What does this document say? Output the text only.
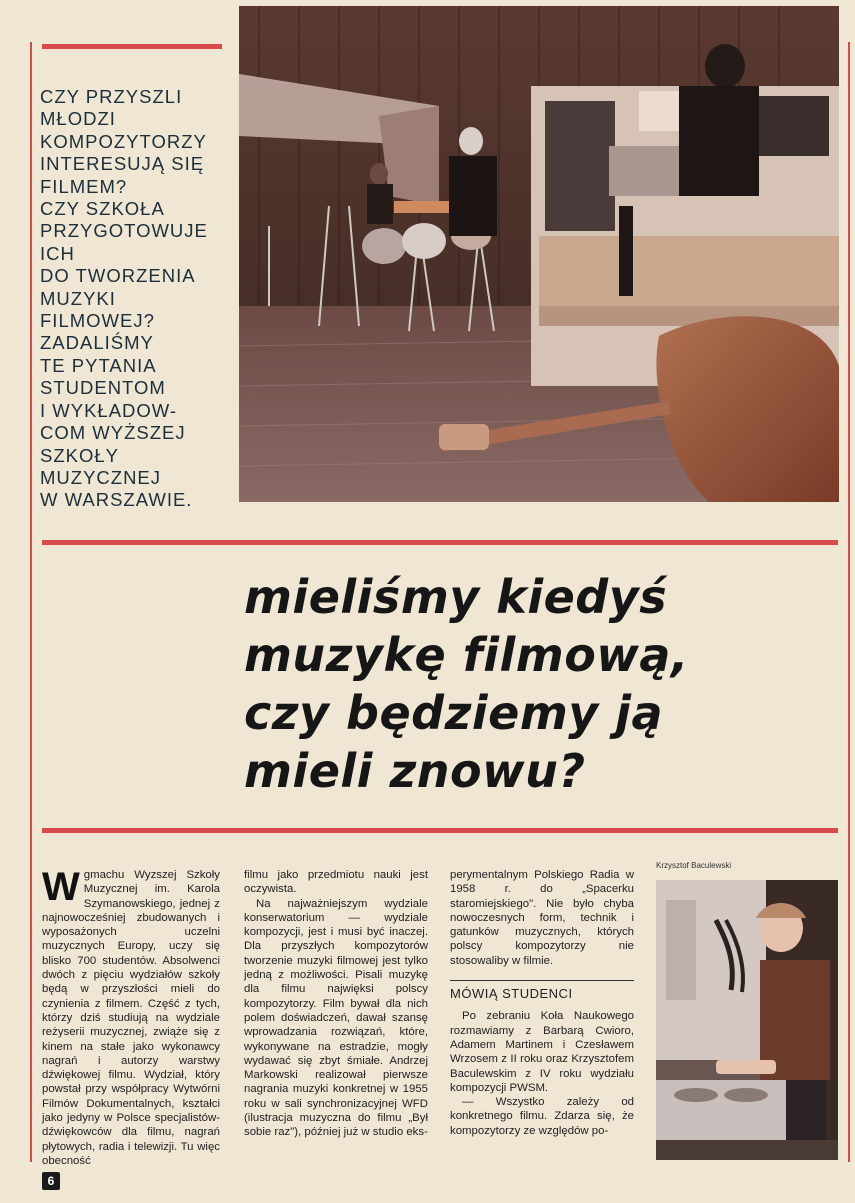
CZY PRZYSZLI
MŁODZI
KOMPOZYTORZY
INTERESUJĄ SIĘ
FILMEM?
CZY SZKOŁA
PRZYGOTOWUJE
ICH
DO TWORZENIA
MUZYKI
FILMOWEJ?
ZADALIŚMY
TE PYTANIA
STUDENTOM
I WYKŁADOW-
COM WYŻSZEJ
SZKOŁY
MUZYCZNEJ
W WARSZAWIE.
mieliśmy kiedyś
muzykę filmową,
czy będziemy ją
mieli znowu?
W gmachu Wyzszej Szkoły Muzycznej im. Karola Szymanowskiego, jednej z najnowocześniej zbudowanych i wyposażonych uczelni muzycznych Europy, uczy się blisko 700 studentów. Absolwenci dwóch z pięciu wydziałów szkoły będą w przyszłości mieli do czynienia z filmem. Część z tych, którzy dziś studiują na wydziale reżyserii muzycznej, zwiąże się z kinem na stałe jako wykonawcy nagrań i autorzy warstwy dźwiękowej filmu. Wydział, który powstał przy współpracy Wytwórni Filmów Dokumentalnych, kształci jako jedyny w Polsce specjalistów-dźwiękowców dla filmu, nagrań płytowych, radia i telewizji. Tu więc obecność

filmu jako przedmiotu nauki jest oczywista.

Na najważniejszym wydziale konserwatorium — wydziale kompozycji, jest i musi być inaczej. Dla przyszłych kompozytorów tworzenie muzyki filmowej jest tylko jedną z możliwości. Pisali muzykę dla filmu najwięksi polscy kompozytorzy. Film bywał dla nich polem doświadczeń, dawał szansę wprowadzania rozwiązań, które, wykonywane na estradzie, mogły wydawać się zbyt śmiałe. Andrzej Markowski realizował pierwsze nagrania muzyki konkretnej w 1955 roku w sali synchronizacyjnej WFD (ilustracja muzyczna do filmu „Był sobie raz"), później już w studio eks-

perymentalnym Polskiego Radia w 1958 r. do „Spacerku staromiejskiego". Nie było chyba nowoczesnych form, technik i gatunków muzycznych, których polscy kompozytorzy nie stosowaliby w filmie.

MÓWIĄ STUDENCI

Po zebraniu Koła Naukowego rozmawiamy z Barbarą Cwioro, Adamem Martinem i Czesławem Wrzosem z II roku oraz Krzysztofem Baculewskim z IV roku wydziału kompozycji PWSM.

— Wszystko zależy od konkretnego filmu. Zdarza się, że kompozytorzy ze względów po-

Krzysztof Baculewski
6
